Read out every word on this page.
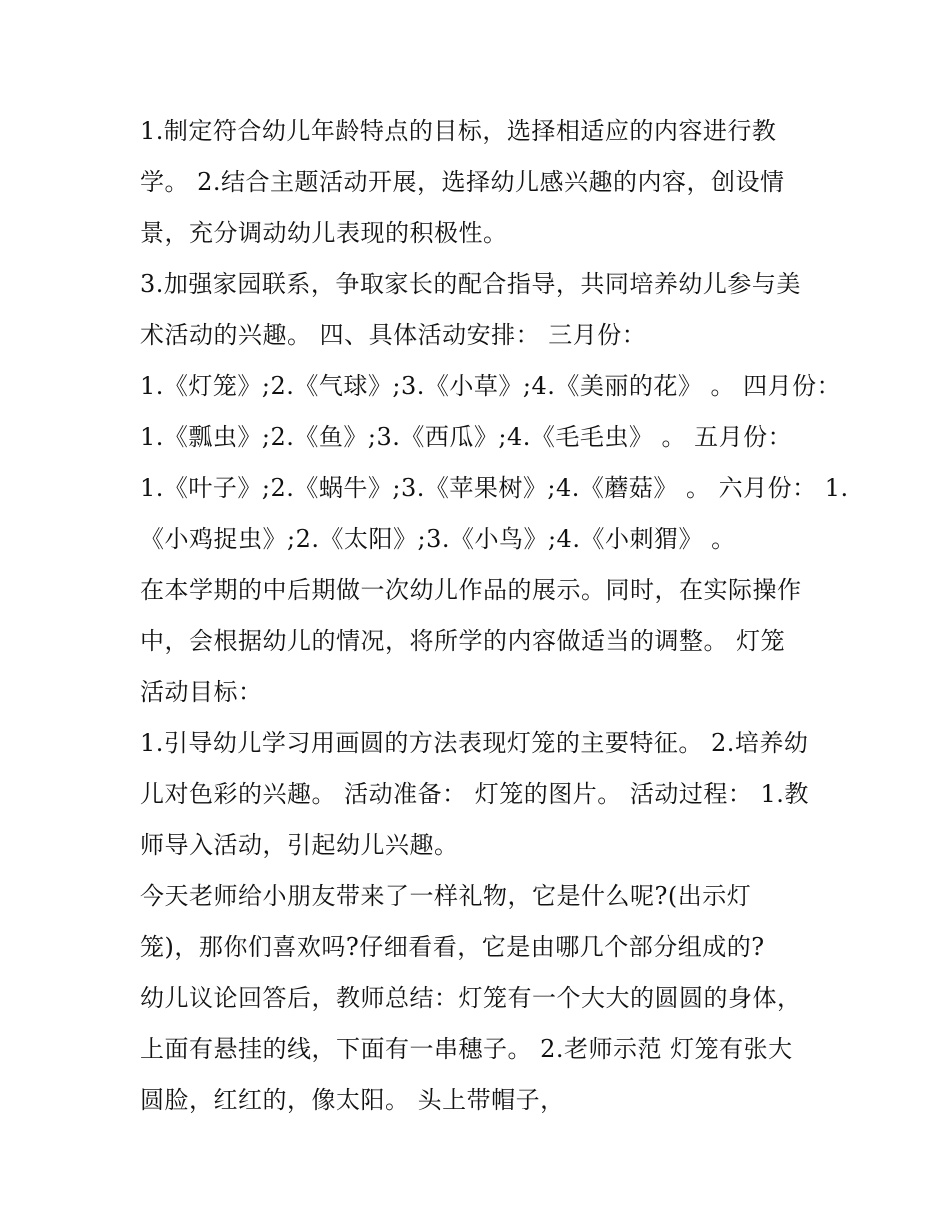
1.制定符合幼儿年龄特点的目标，选择相适应的内容进行教
学。 2.结合主题活动开展，选择幼儿感兴趣的内容，创设情
景，充分调动幼儿表现的积极性。
3.加强家园联系，争取家长的配合指导，共同培养幼儿参与美
术活动的兴趣。 四、具体活动安排： 三月份：
1.《灯笼》;2.《气球》;3.《小草》;4.《美丽的花》 。 四月份：
1.《瓢虫》;2.《鱼》;3.《西瓜》;4.《毛毛虫》 。 五月份：
1.《叶子》;2.《蜗牛》;3.《苹果树》;4.《蘑菇》 。 六月份： 1.
《小鸡捉虫》;2.《太阳》;3.《小鸟》;4.《小刺猬》 。
在本学期的中后期做一次幼儿作品的展示。同时，在实际操作
中，会根据幼儿的情况，将所学的内容做适当的调整。 灯笼
活动目标：
1.引导幼儿学习用画圆的方法表现灯笼的主要特征。 2.培养幼
儿对色彩的兴趣。 活动准备： 灯笼的图片。 活动过程： 1.教
师导入活动，引起幼儿兴趣。
今天老师给小朋友带来了一样礼物，它是什么呢?(出示灯
笼)，那你们喜欢吗?仔细看看，它是由哪几个部分组成的?
幼儿议论回答后，教师总结：灯笼有一个大大的圆圆的身体，
上面有悬挂的线，下面有一串穗子。 2.老师示范 灯笼有张大
圆脸，红红的，像太阳。 头上带帽子，
